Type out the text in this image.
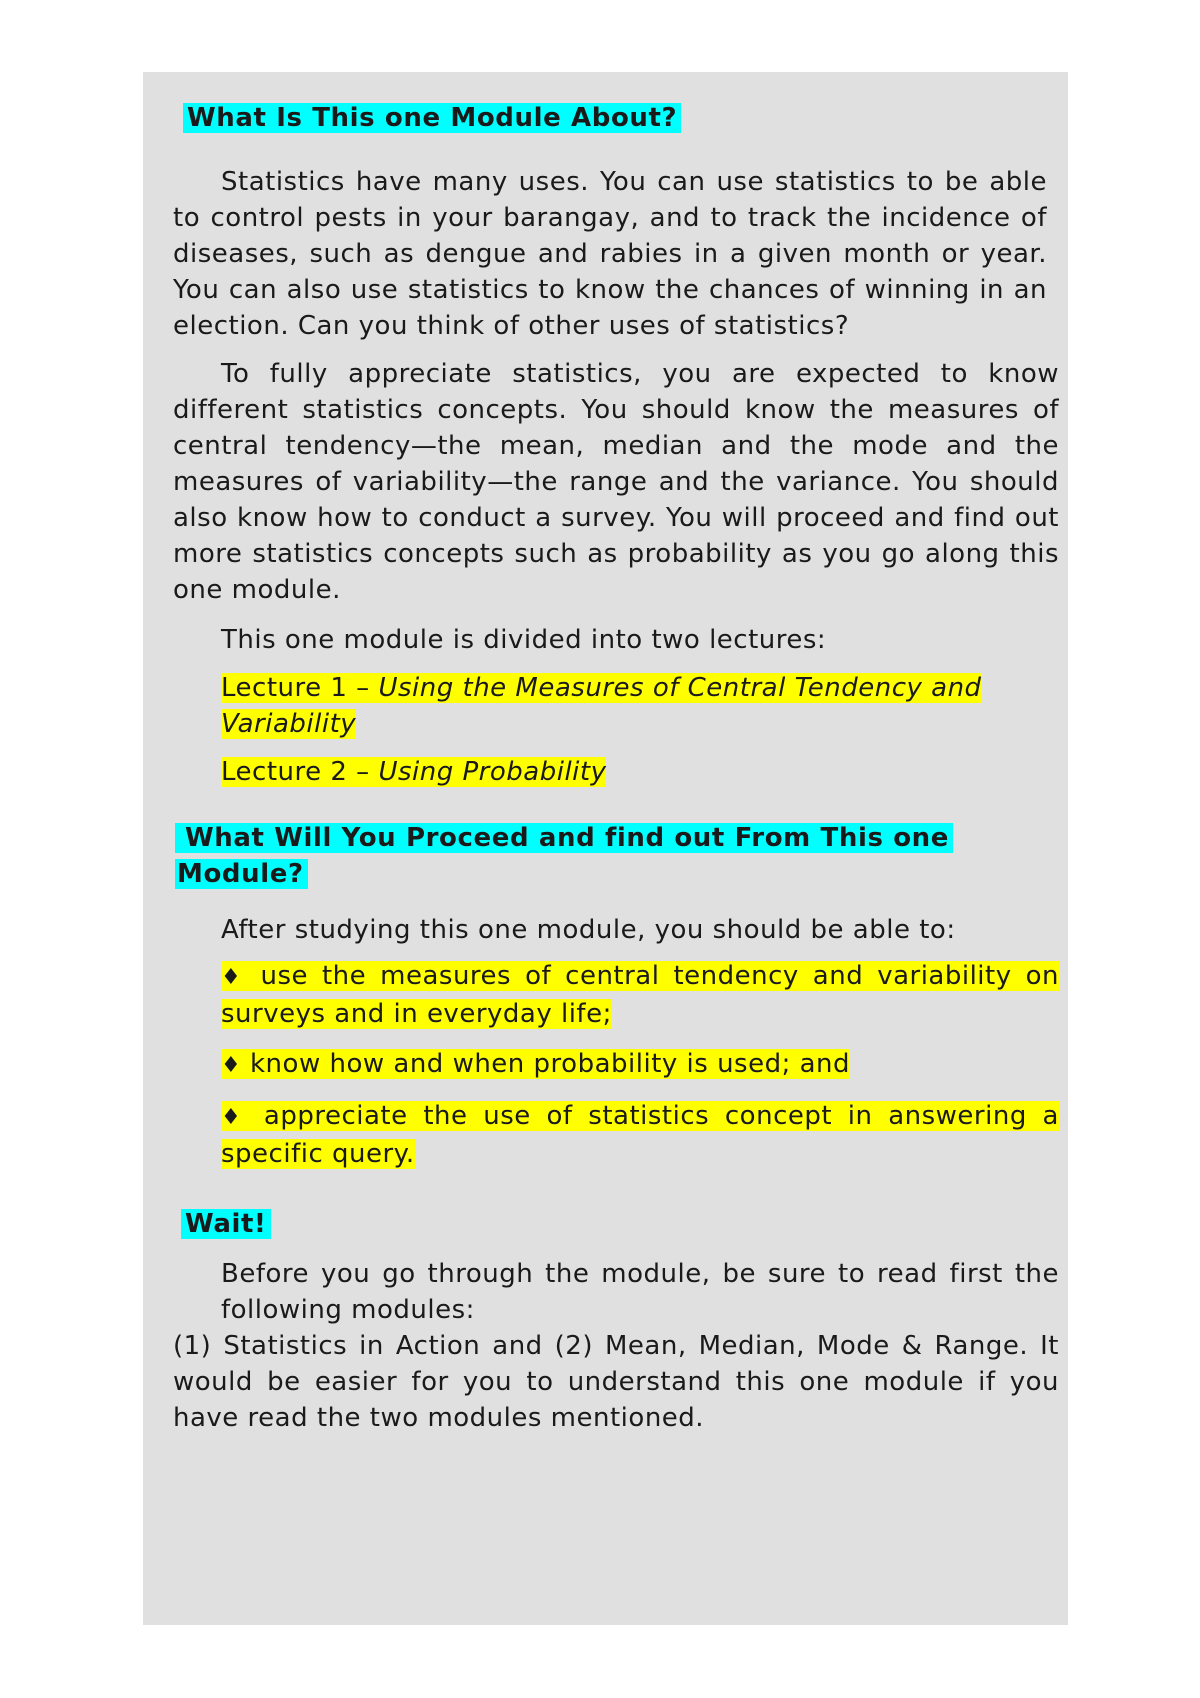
What Is This one Module About?

Statistics have many uses. You can use statistics to be able to control pests in your barangay, and to track the incidence of diseases, such as dengue and rabies in a given month or year. You can also use statistics to know the chances of winning in an election. Can you think of other uses of statistics?

To fully appreciate statistics, you are expected to know different statistics concepts. You should know the measures of central tendency—the mean, median and the mode and the measures of variability—the range and the variance. You should also know how to conduct a survey. You will proceed and find out more statistics concepts such as probability as you go along this one module.

This one module is divided into two lectures:

Lecture 1 – Using the Measures of Central Tendency and Variability

Lecture 2 – Using Probability

What Will You Proceed and find out From This one
Module?

After studying this one module, you should be able to:

♦ use the measures of central tendency and variability on surveys and in everyday life;

♦ know how and when probability is used; and

♦ appreciate the use of statistics concept in answering a specific query.

Wait!

Before you go through the module, be sure to read first the following modules:

(1) Statistics in Action and (2) Mean, Median, Mode & Range. It would be easier for you to understand this one module if you have read the two modules mentioned.
